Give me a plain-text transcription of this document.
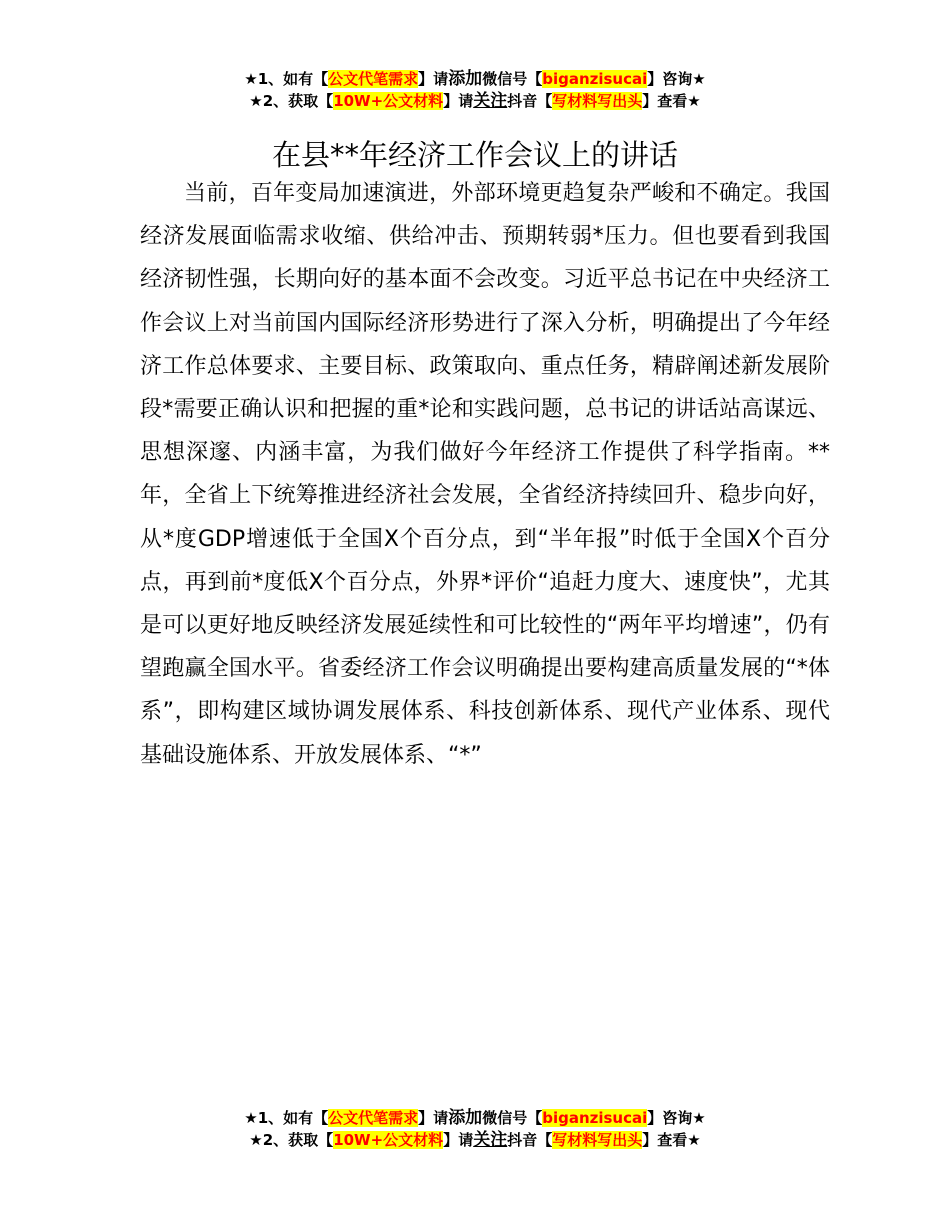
★1、如有【公文代笔需求】请添加微信号【biganzisucai】咨询★
★2、获取【10W+公文材料】请关注抖音【写材料写出头】查看★
在县**年经济工作会议上的讲话

当前，百年变局加速演进，外部环境更趋复杂严峻和不确定。我国经济发展面临需求收缩、供给冲击、预期转弱*压力。但也要看到我国经济韧性强，长期向好的基本面不会改变。习近平总书记在中央经济工作会议上对当前国内国际经济形势进行了深入分析，明确提出了今年经济工作总体要求、主要目标、政策取向、重点任务，精辟阐述新发展阶段*需要正确认识和把握的重*论和实践问题，总书记的讲话站高谋远、思想深邃、内涵丰富，为我们做好今年经济工作提供了科学指南。**年，全省上下统筹推进经济社会发展，全省经济持续回升、稳步向好，从*度GDP增速低于全国X个百分点，到“半年报”时低于全国X个百分点，再到前*度低X个百分点，外界*评价“追赶力度大、速度快”，尤其是可以更好地反映经济发展延续性和可比较性的“两年平均增速”，仍有望跑赢全国水平。省委经济工作会议明确提出要构建高质量发展的“*体系”，即构建区域协调发展体系、科技创新体系、现代产业体系、现代基础设施体系、开放发展体系、“*”

★1、如有【公文代笔需求】请添加微信号【biganzisucai】咨询★
★2、获取【10W+公文材料】请关注抖音【写材料写出头】查看★
